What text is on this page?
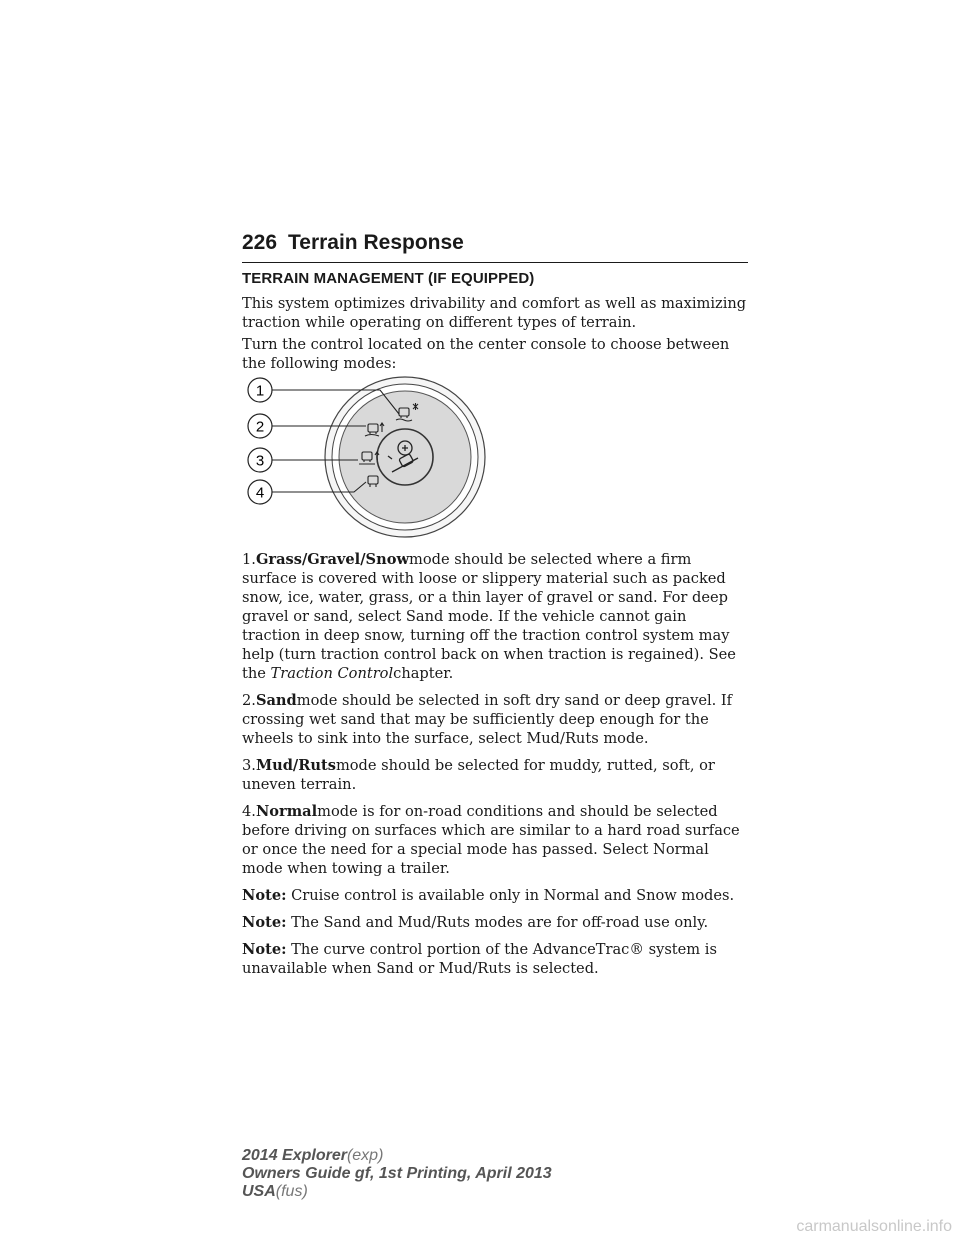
226 Terrain Response
TERRAIN MANAGEMENT (IF EQUIPPED)
This system optimizes drivability and comfort as well as maximizing traction while operating on different types of terrain.
Turn the control located on the center console to choose between the following modes:
1
2
3
4

1.Grass/Gravel/Snowmode should be selected where a firm surface is covered with loose or slippery material such as packed snow, ice, water, grass, or a thin layer of gravel or sand. For deep gravel or sand, select Sand mode. If the vehicle cannot gain traction in deep snow, turning off the traction control system may help (turn traction control back on when traction is regained). See the Traction Controlchapter.

2.Sandmode should be selected in soft dry sand or deep gravel. If crossing wet sand that may be sufficiently deep enough for the wheels to sink into the surface, select Mud/Ruts mode.

3.Mud/Rutsmode should be selected for muddy, rutted, soft, or uneven terrain.

4.Normalmode is for on-road conditions and should be selected before driving on surfaces which are similar to a hard road surface or once the need for a special mode has passed. Select Normal mode when towing a trailer.

Note: Cruise control is available only in Normal and Snow modes.

Note: The Sand and Mud/Ruts modes are for off-road use only.

Note: The curve control portion of the AdvanceTrac® system is unavailable when Sand or Mud/Ruts is selected.

2014 Explorer(exp)
Owners Guide gf, 1st Printing, April 2013
USA(fus)
carmanualsonline.info
